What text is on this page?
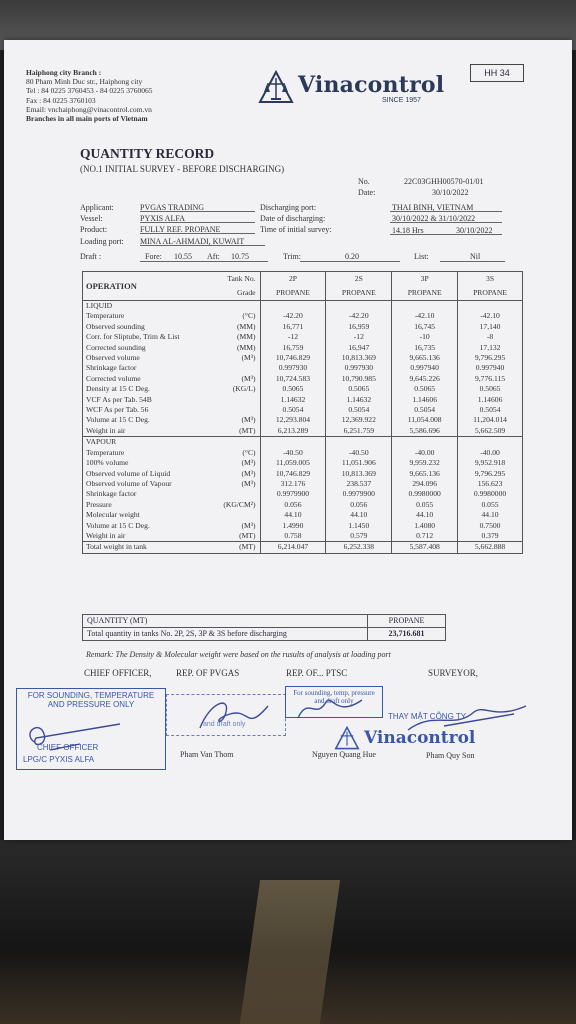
Haiphong city Branch :
80 Pham Minh Duc str., Haiphong city
Tel : 84 0225 3760453 - 84 0225 3760065
Fax : 84 0225 3760103
Email: vnchaiphong@vinacontrol.com.vn
Branches in all main ports of Vietnam
Vinacontrol
SINCE 1957
HH 34
QUANTITY RECORD
(NO.1 INITIAL SURVEY - BEFORE DISCHARGING)
No.	22C03GHH00570-01/01
Date:	30/10/2022
Applicant:	PVGAS TRADING
Vessel:	PYXIS ALFA
Product:	FULLY REF. PROPANE
Loading port: MINA AL-AHMADI, KUWAIT
Discharging port:	THAI BINH, VIETNAM
Date of discharging:	30/10/2022 & 31/10/2022
Time of initial survey:	14.18 Hrs	30/10/2022
Draft :	Fore: 10.55 Aft: 10.75	Trim:	0.20	List:	Nil
OPERATION	Tank No.	2P	2S	3P	3S
	Grade	PROPANE	PROPANE	PROPANE	PROPANE
LIQUID					
Temperature	(°C)	-42.20	-42.20	-42.10	-42.10
Observed sounding	(MM)	16,771	16,959	16,745	17,140
Corr. for Sliptube, Trim & List	(MM)	-12	-12	-10	-8
Corrected sounding	(MM)	16,759	16,947	16,735	17,132
Observed volume	(M³)	10,746.829	10,813.369	9,665.136	9,796.295
Shrinkage factor		0.997930	0.997930	0.997940	0.997940
Corrected volume	(M³)	10,724.583	10,790.985	9,645.226	9,776.115
Density at 15 C Deg.	(KG/L)	0.5065	0.5065	0.5065	0.5065
VCF As per Tab. 54B		1.14632	1.14632	1.14606	1.14606
WCF As per Tab. 56		0.5054	0.5054	0.5054	0.5054
Volume at 15 C Deg.	(M³)	12,293.804	12,369.922	11,054.008	11,204.014
Weight in air	(MT)	6,213.289	6,251.759	5,586.696	5,662.509
VAPOUR					
Temperature	(°C)	-40.50	-40.50	-40.00	-40.00
100% volume	(M³)	11,059.005	11,051.906	9,959.232	9,952.918
Observed volume of Liquid	(M³)	10,746.829	10,813.369	9,665.136	9,796.295
Observed volume of Vapour	(M³)	312.176	238.537	294.096	156.623
Shrinkage factor		0.9979900	0.9979900	0.9980000	0.9980000
Pressure	(KG/CM²)	0.056	0.056	0.055	0.055
Molecular weight		44.10	44.10	44.10	44.10
Volume at 15 C Deg.	(M³)	1.4990	1.1450	1.4080	0.7500
Weight in air	(MT)	0.758	0.579	0.712	0.379
Total weight in tank	(MT)	6,214.047	6,252.338	5,587.408	5,662.888
QUANTITY (MT)	PROPANE
Total quantity in tanks No. 2P, 2S, 3P & 3S before discharging	23,716.681
Remark: The Density & Molecular weight were based on the rusults of analysis at loading port
CHIEF OFFICER,	REP. OF PVGAS	REP. OF... PTSC	SURVEYOR,
FOR SOUNDING, TEMPERATURE
AND PRESSURE ONLY
CHIEF OFFICER
LPG/C PYXIS ALFA
and draft only
Pham Van Thom
For sounding, temp, pressure
and draft only
Nguyen Quang Hue
THAY MẶT CÔNG TY
Vinacontrol
Pham Quy Son
